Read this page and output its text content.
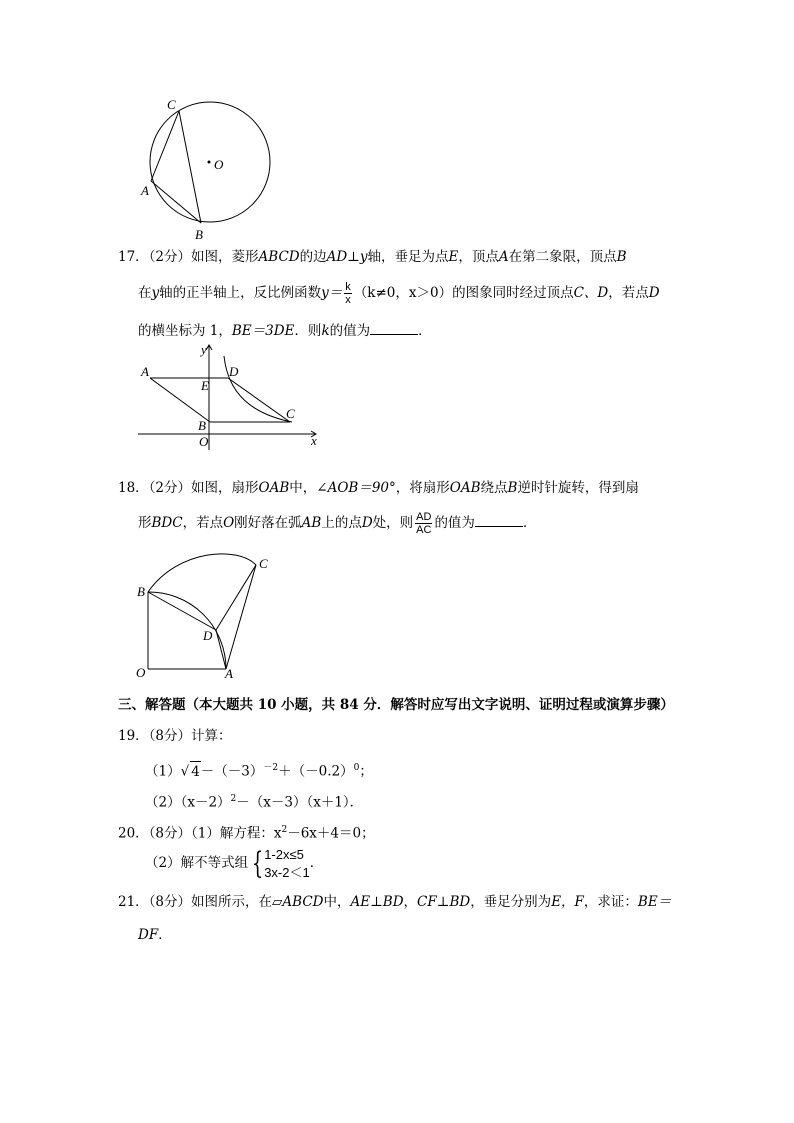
C
O
A
B
17．（2分）如图，菱形ABCD的边AD⊥y轴，垂足为点E，顶点A在第二象限，顶点B
在y轴的正半轴上，反比例函数$y= \frac{k}{x} (k\ne 0$，x＞0）的图象同时经过顶点C、D，若点D
的横坐标为 1，BE＝3DE．则k的值为	．
y
x
A
E
D
C
B
O
18．（2分）如图，扇形OAB中，∠AOB＝90°，将扇形OAB绕点B逆时针旋转，得到扇
形BDC，若点O刚好落在弧AB上的点D处，则 $\frac{AD}{AC}$ 的值为	．
C
B
D
O	A
三、解答题（本大题共 10 小题，共 84 分．解答时应写出文字说明、证明过程或演算步骤）
19．（8分）计算：
（1）√ $4-(-3)^{-2}+(-0.2)^0$；
$(2)(x-2)^2-(x-3)(x+1)$．
20．（8分）（1）解方程：$x^2-6x+4=0$；
（2）解不等式组 { 1-2x≤5
3x-2＜1
．
21．（8分）如图所示，在▱ABCD中，AE⊥BD，CF⊥BD，垂足分别为E，F，求证：BE＝
DF．
